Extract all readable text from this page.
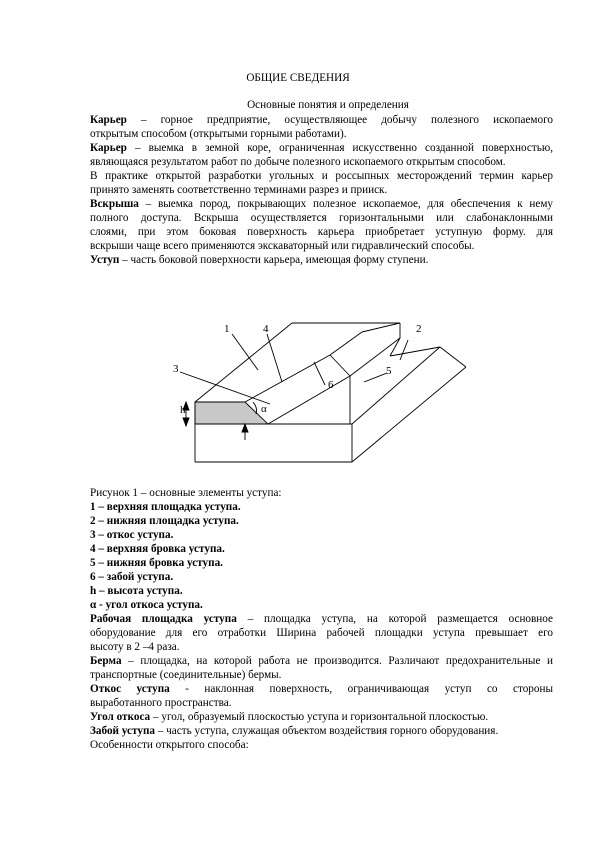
ОБЩИЕ СВЕДЕНИЯ
Основные понятия и определения
Карьер – горное предприятие, осуществляющее добычу полезного ископаемого
открытым способом (открытыми горными работами).
Карьер – выемка в земной коре, ограниченная искусственно созданной поверхностью,
являющаяся результатом работ по добыче полезного ископаемого открытым способом.
В практике открытой разработки угольных и россыпных месторождений термин карьер
принято заменять соответственно терминами разрез и прииск.
Вскрыша – выемка пород, покрывающих полезное ископаемое, для обеспечения к нему
полного доступа. Вскрыша осуществляется горизонтальными или слабонаклонными
слоями, при этом боковая поверхность карьера приобретает уступную форму. для
вскрыши чаще всего применяются экскаваторный или гидравлический способы.
Уступ – часть боковой поверхности карьера, имеющая форму ступени.
1	4	2
3	5
6
h	α
Рисунок 1 – основные элементы уступа:
1 – верхняя площадка уступа.
2 – нижняя площадка уступа.
3 – откос уступа.
4 – верхняя бровка уступа.
5 – нижняя бровка уступа.
6 – забой уступа.
h – высота уступа.
α - угол откоса уступа.
Рабочая площадка уступа – площадка уступа, на которой размещается основное
оборудование для его отработки Ширина рабочей площадки уступа превышает его
высоту в 2 –4 раза.
Берма – площадка, на которой работа не производится. Различают предохранительные и
транспортные (соединительные) бермы.
Откос уступа - наклонная поверхность, ограничивающая уступ со стороны
выработанного пространства.
Угол откоса – угол, образуемый плоскостью уступа и горизонтальной плоскостью.
Забой уступа – часть уступа, служащая объектом воздействия горного оборудования.
Особенности открытого способа:
